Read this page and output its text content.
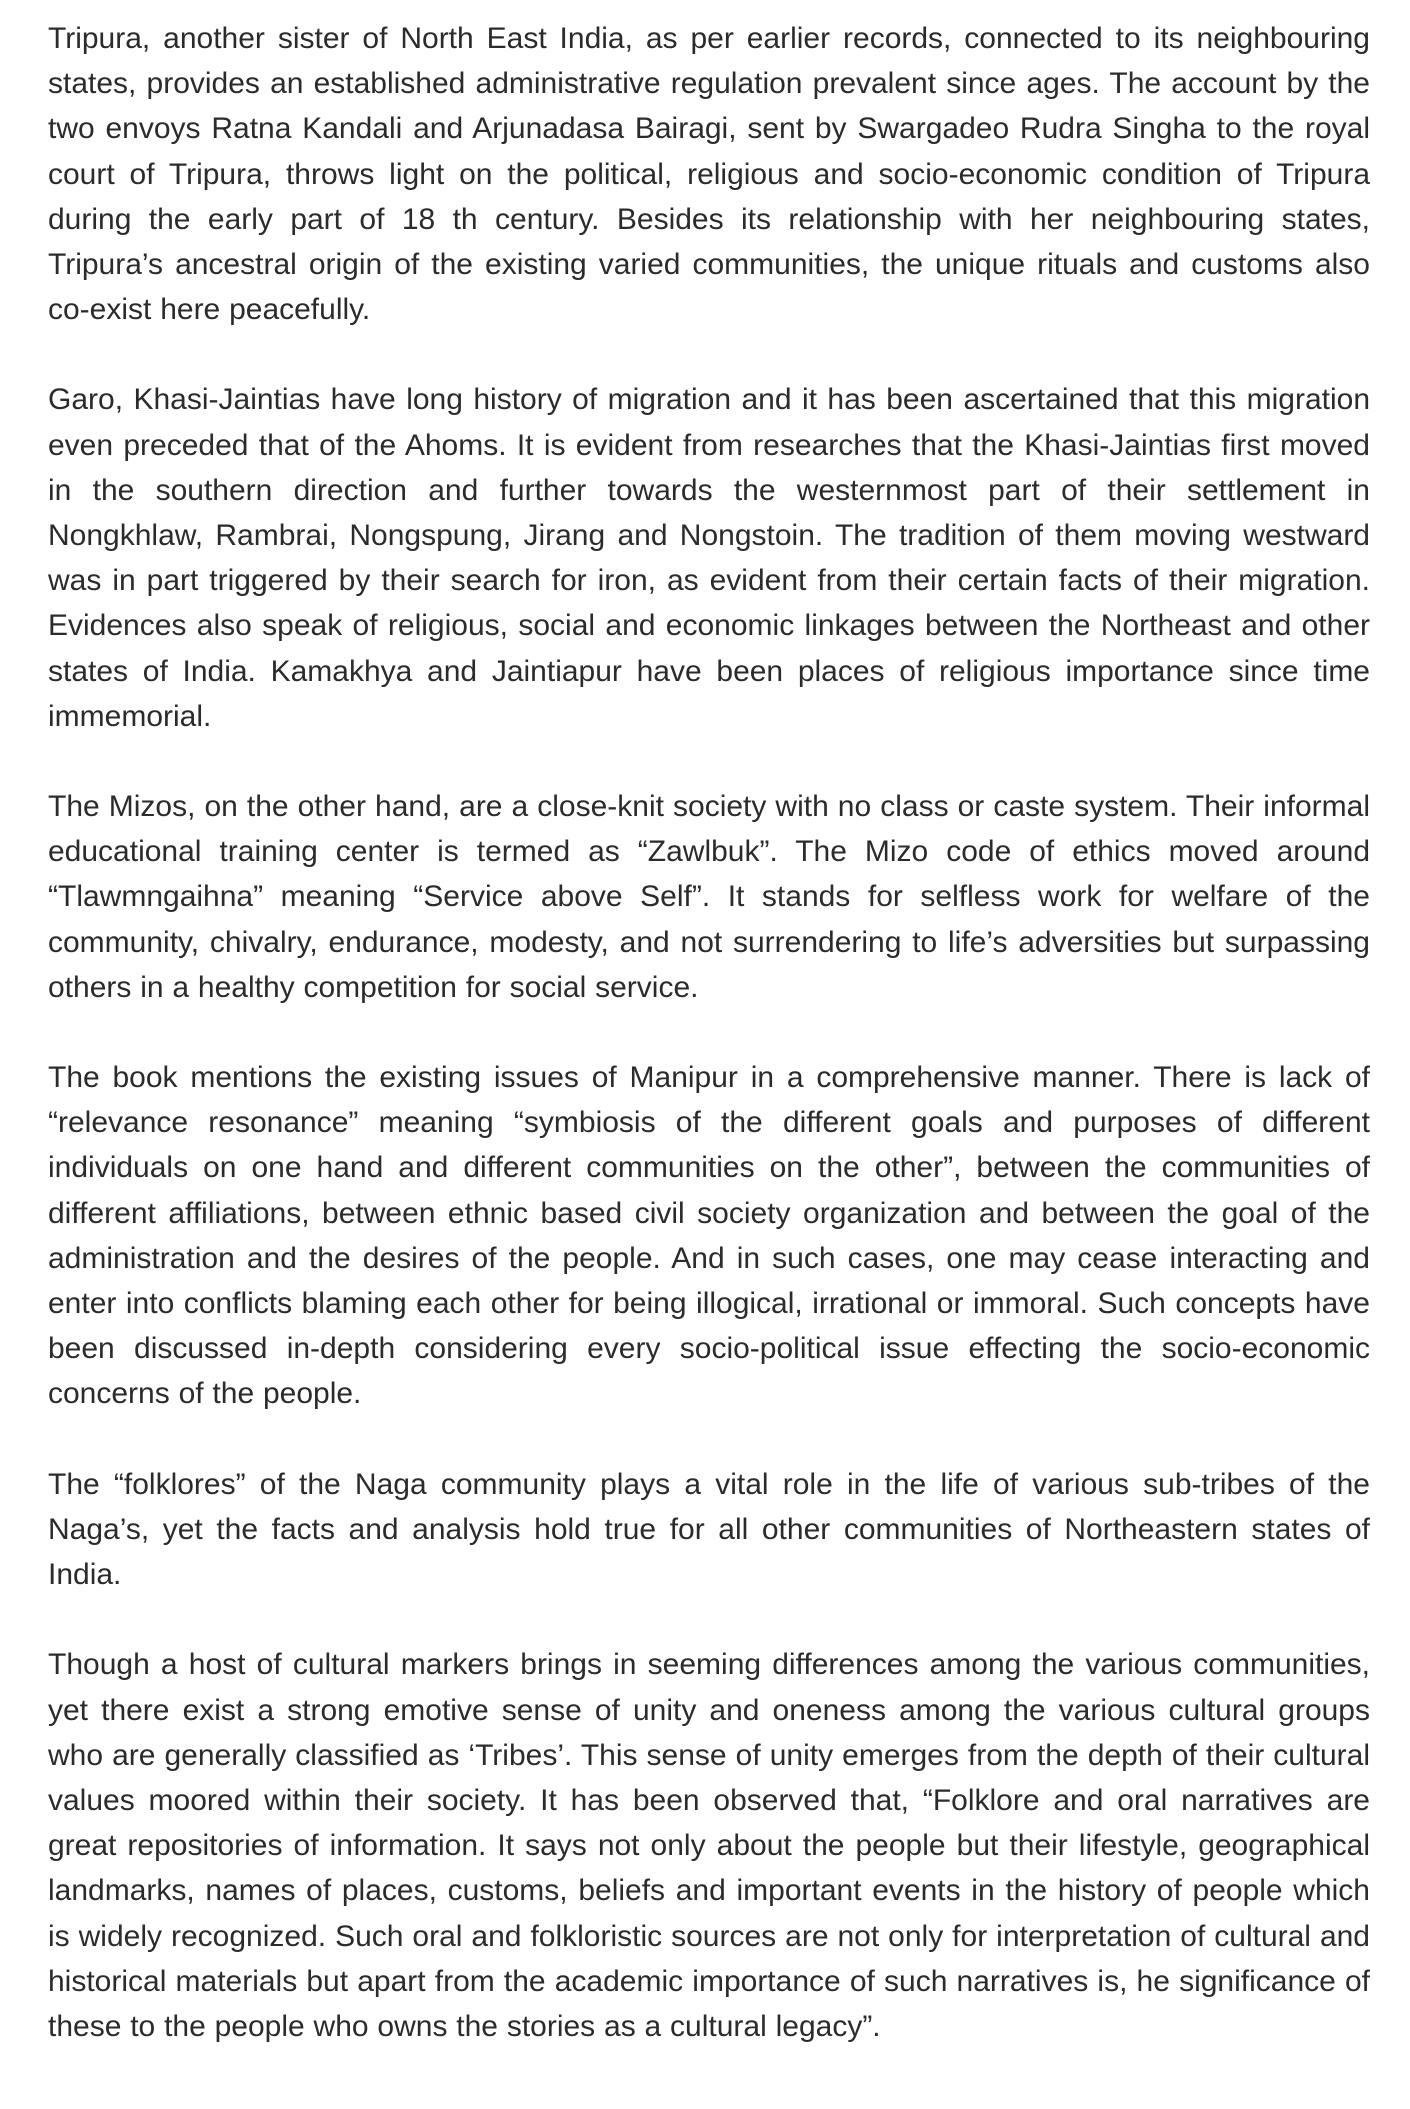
Tripura, another sister of North East India, as per earlier records, connected to its neighbouring states, provides an established administrative regulation prevalent since ages. The account by the two envoys Ratna Kandali and Arjunadasa Bairagi, sent by Swargadeo Rudra Singha to the royal court of Tripura, throws light on the political, religious and socio-economic condition of Tripura during the early part of 18 th century. Besides its relationship with her neighbouring states, Tripura’s ancestral origin of the existing varied communities, the unique rituals and customs also co-exist here peacefully.

Garo, Khasi-Jaintias have long history of migration and it has been ascertained that this migration even preceded that of the Ahoms. It is evident from researches that the Khasi-Jaintias first moved in the southern direction and further towards the westernmost part of their settlement in Nongkhlaw, Rambrai, Nongspung, Jirang and Nongstoin. The tradition of them moving westward was in part triggered by their search for iron, as evident from their certain facts of their migration. Evidences also speak of religious, social and economic linkages between the Northeast and other states of India. Kamakhya and Jaintiapur have been places of religious importance since time immemorial.

The Mizos, on the other hand, are a close-knit society with no class or caste system. Their informal educational training center is termed as “Zawlbuk”. The Mizo code of ethics moved around “Tlawmngaihna” meaning “Service above Self”. It stands for selfless work for welfare of the community, chivalry, endurance, modesty, and not surrendering to life’s adversities but surpassing others in a healthy competition for social service.

The book mentions the existing issues of Manipur in a comprehensive manner. There is lack of “relevance resonance” meaning “symbiosis of the different goals and purposes of different individuals on one hand and different communities on the other”, between the communities of different affiliations, between ethnic based civil society organization and between the goal of the administration and the desires of the people. And in such cases, one may cease interacting and enter into conflicts blaming each other for being illogical, irrational or immoral. Such concepts have been discussed in-depth considering every socio-political issue effecting the socio-economic concerns of the people.

The “folklores” of the Naga community plays a vital role in the life of various sub-tribes of the Naga’s, yet the facts and analysis hold true for all other communities of Northeastern states of India.

Though a host of cultural markers brings in seeming differences among the various communities, yet there exist a strong emotive sense of unity and oneness among the various cultural groups who are generally classified as ‘Tribes’. This sense of unity emerges from the depth of their cultural values moored within their society. It has been observed that, “Folklore and oral narratives are great repositories of information. It says not only about the people but their lifestyle, geographical landmarks, names of places, customs, beliefs and important events in the history of people which is widely recognized. Such oral and folkloristic sources are not only for interpretation of cultural and historical materials but apart from the academic importance of such narratives is, he significance of these to the people who owns the stories as a cultural legacy”.
